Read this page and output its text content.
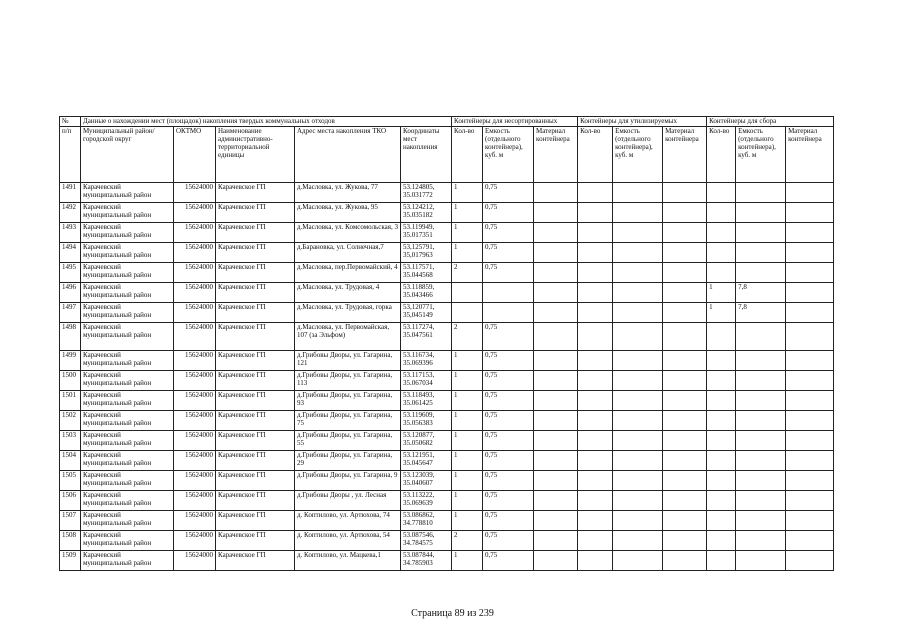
№	Данные о нахождении мест (площадок) накопления твердых коммунальных отходов					Контейнеры для несортированных			Контейнеры для утилизируемых			Контейнеры для сбора		
п/п	Муниципальный район/городской округ	ОКТМО	Наименование административно-территориальной единицы	Адрес места накопления ТКО	Координаты мест накопления	Кол-во	Емкость (отдельного контейнера), куб. м	Материал контейнера	Кол-во	Емкость (отдельного контейнера), куб. м	Материал контейнера	Кол-во	Емкость (отдельного контейнера), куб. м	Материал контейнера
1491	Карачевский муниципальный район	15624000	Карачевское ГП	д.Масловка, ул. Жукова, 77	53.124805, 35.031772	1	0,75							
1492	Карачевский муниципальный район	15624000	Карачевское ГП	д.Масловка, ул. Жукова, 95	53.124212, 35.035182	1	0,75							
1493	Карачевский муниципальный район	15624000	Карачевское ГП	д.Масловка, ул. Комсомольская, 3	53.119949, 35.017351	1	0,75							
1494	Карачевский муниципальный район	15624000	Карачевское ГП	д.Барановка, ул. Солнечная,7	53,125791, 35,017963	1	0,75							
1495	Карачевский муниципальный район	15624000	Карачевское ГП	д.Масловка, пер.Первомайский, 4	53.117571, 35.044568	2	0,75							
1496	Карачевский муниципальный район	15624000	Карачевское ГП	д.Масловка, ул. Трудовая, 4	53.118859, 35.043466							1	7,8	
1497	Карачевский муниципальный район	15624000	Карачевское ГП	д.Масловка, ул. Трудовая, горка	53,120771, 35,045149							1	7,8	
1498	Карачевский муниципальный район	15624000	Карачевское ГП	д.Масловка, ул. Первомайская, 107 (за Эльфом)	53.117274, 35.047561	2	0,75							
1499	Карачевский муниципальный район	15624000	Карачевское ГП	д.Грибовы Дворы, ул. Гагарина, 121	53.116734, 35.069396	1	0,75							
1500	Карачевский муниципальный район	15624000	Карачевское ГП	д.Грибовы Дворы, ул. Гагарина, 113	53.117153, 35.067034	1	0,75							
1501	Карачевский муниципальный район	15624000	Карачевское ГП	д.Грибовы Дворы, ул. Гагарина, 93	53.118493, 35.061425	1	0,75							
1502	Карачевский муниципальный район	15624000	Карачевское ГП	д.Грибовы Дворы, ул. Гагарина, 75	53.119609, 35.056383	1	0,75							
1503	Карачевский муниципальный район	15624000	Карачевское ГП	д.Грибовы Дворы, ул. Гагарина, 55	53.120877, 35.050682	1	0,75							
1504	Карачевский муниципальный район	15624000	Карачевское ГП	д.Грибовы Дворы, ул. Гагарина, 29	53.121951, 35.045647	1	0,75							
1505	Карачевский муниципальный район	15624000	Карачевское ГП	д.Грибовы Дворы, ул. Гагарина, 9	53.123039, 35.040607	1	0,75							
1506	Карачевский муниципальный район	15624000	Карачевское ГП	д.Грибовы Дворы , ул. Лесная	53.113222, 35.069639	1	0,75							
1507	Карачевский муниципальный район	15624000	Карачевское ГП	д. Коптилово, ул. Артюхова, 74	53.086862, 34.778810	1	0,75							
1508	Карачевский муниципальный район	15624000	Карачевское ГП	д. Коптилово, ул. Артюхова, 54	53.087546, 34.784575	2	0,75							
1509	Карачевский муниципальный район	15624000	Карачевское ГП	д. Коптилово, ул. Мацкева,1	53.087844, 34.785903	1	0,75							
Страница 89 из 239
